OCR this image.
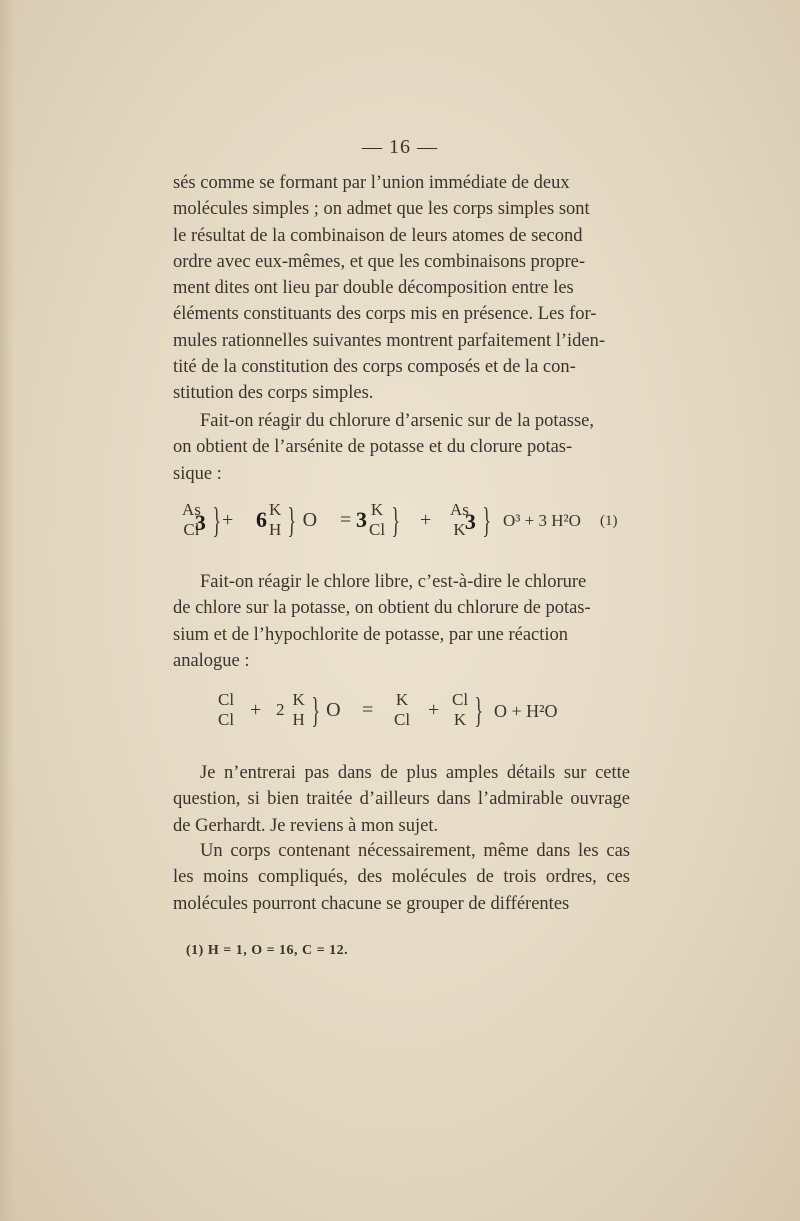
— 16 —
sés comme se formant par l’union immédiate de deux
molécules simples ; on admet que les corps simples sont
le résultat de la combinaison de leurs atomes de second
ordre avec eux-mêmes, et que les combinaisons propre-
ment dites ont lieu par double décomposition entre les
éléments constituants des corps mis en présence. Les for-
mules rationnelles suivantes montrent parfaitement l’iden-
tité de la constitution des corps composés et de la con-
stitution des corps simples.
Fait-on réagir du chlorure d’arsenic sur de la potasse,
on obtient de l’arsénite de potasse et du clorure potas-
sique :
As
Cl
3 } + 6 K
H } O = 3 K
Cl } + As
K 3 } O³ + 3 H²O (1)
Fait-on réagir le chlore libre, c’est-à-dire le chlorure
de chlore sur la potasse, on obtient du chlorure de potas-
sium et de l’hypochlorite de potasse, par une réaction
analogue :
Cl
Cl + 2
K
H } O = K
Cl + Cl
K } O + H²O
Je n’entrerai pas dans de plus amples détails sur cette question, si bien traitée d’ailleurs dans l’admirable ouvrage de Gerhardt. Je reviens à mon sujet.
Un corps contenant nécessairement, même dans les cas les moins compliqués, des molécules de trois ordres, ces molécules pourront chacune se grouper de différentes
(1) H = 1, O = 16, C = 12.
